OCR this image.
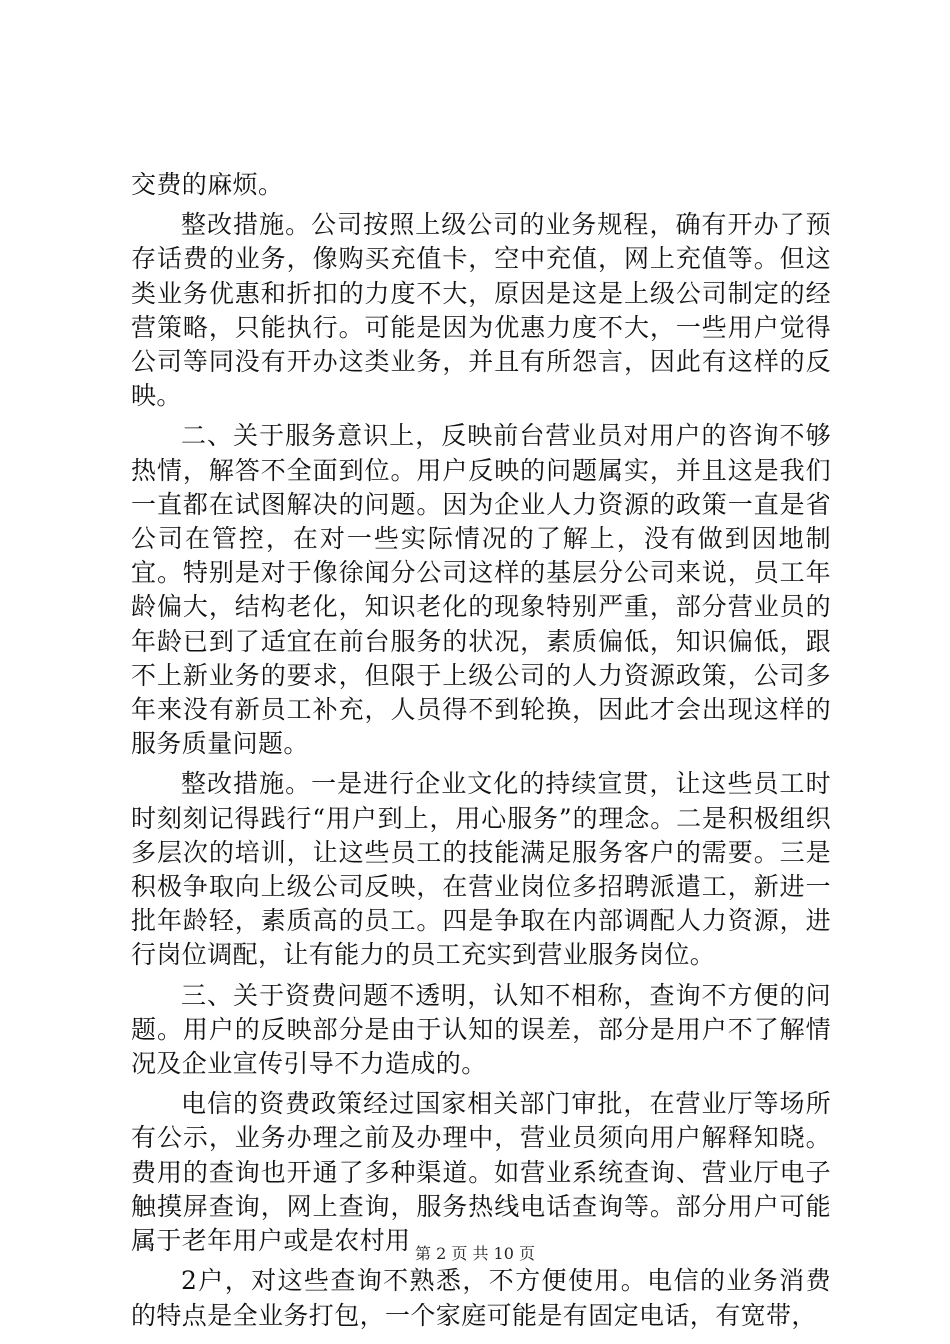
交费的麻烦。

整改措施。公司按照上级公司的业务规程，确有开办了预存话费的业务，像购买充值卡，空中充值，网上充值等。但这类业务优惠和折扣的力度不大，原因是这是上级公司制定的经营策略，只能执行。可能是因为优惠力度不大，一些用户觉得公司等同没有开办这类业务，并且有所怨言，因此有这样的反映。

二、关于服务意识上，反映前台营业员对用户的咨询不够热情，解答不全面到位。用户反映的问题属实，并且这是我们一直都在试图解决的问题。因为企业人力资源的政策一直是省公司在管控，在对一些实际情况的了解上，没有做到因地制宜。特别是对于像徐闻分公司这样的基层分公司来说，员工年龄偏大，结构老化，知识老化的现象特别严重，部分营业员的年龄已到了适宜在前台服务的状况，素质偏低，知识偏低，跟不上新业务的要求，但限于上级公司的人力资源政策，公司多年来没有新员工补充，人员得不到轮换，因此才会出现这样的服务质量问题。

整改措施。一是进行企业文化的持续宣贯，让这些员工时时刻刻记得践行“用户到上，用心服务”的理念。二是积极组织多层次的培训，让这些员工的技能满足服务客户的需要。三是积极争取向上级公司反映，在营业岗位多招聘派遣工，新进一批年龄轻，素质高的员工。四是争取在内部调配人力资源，进行岗位调配，让有能力的员工充实到营业服务岗位。

三、关于资费问题不透明，认知不相称，查询不方便的问题。用户的反映部分是由于认知的误差，部分是用户不了解情况及企业宣传引导不力造成的。

电信的资费政策经过国家相关部门审批，在营业厅等场所有公示，业务办理之前及办理中，营业员须向用户解释知晓。费用的查询也开通了多种渠道。如营业系统查询、营业厅电子触摸屏查询，网上查询，服务热线电话查询等。部分用户可能属于老年用户或是农村用

2户，对这些查询不熟悉，不方便使用。电信的业务消费的特点是全业务打包，一个家庭可能是有固定电话，有宽带，

第 2 页 共 10 页
